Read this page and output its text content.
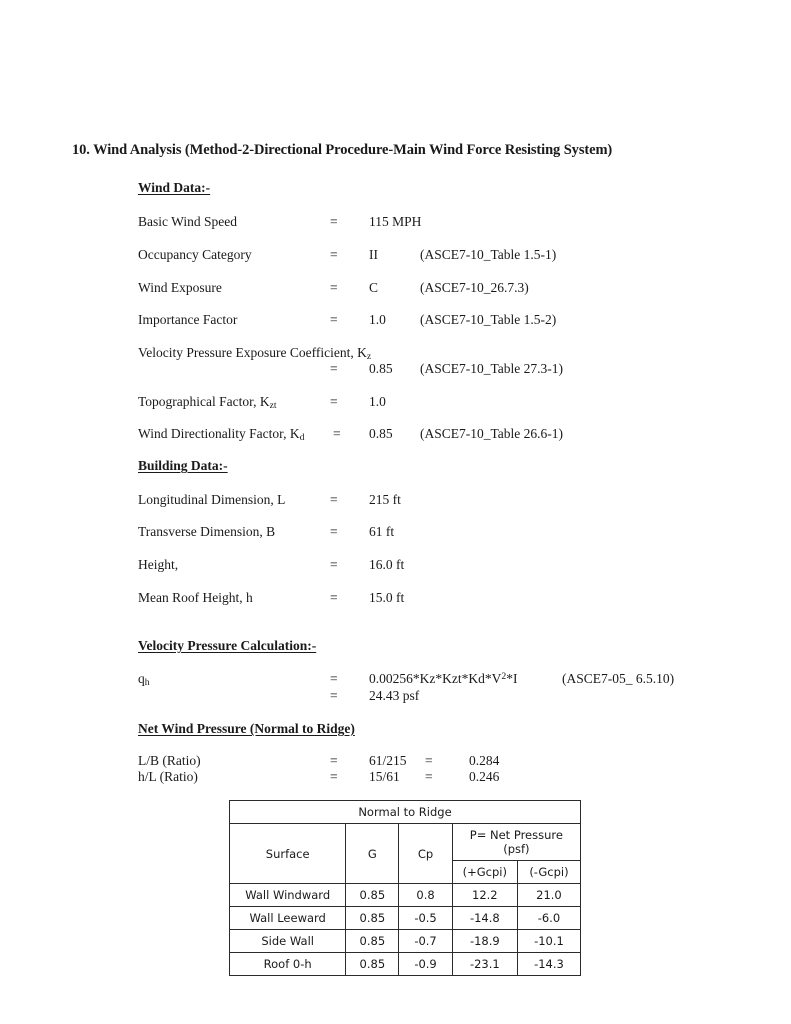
10. Wind Analysis (Method-2-Directional Procedure-Main Wind Force Resisting System)
Wind Data:-
Basic Wind Speed	= 115 MPH
Occupancy Category	= II	(ASCE7-10_Table 1.5-1)
Wind Exposure	= C	(ASCE7-10_26.7.3)
Importance Factor	= 1.0	(ASCE7-10_Table 1.5-2)
Velocity Pressure Exposure Coefficient, $K_z$
= 0.85 (ASCE7-10_Table 27.3-1)
Topographical Factor, $K_{zt}$	= 1.0
Wind Directionality Factor, $K_d = 0.85$ (ASCE7-10_Table 26.6-1)
Building Data:-
Longitudinal Dimension, L	= 215 ft
Transverse Dimension, B	= 61 ft
Height,	= 16.0 ft
Mean Roof Height, h	= 15.0 ft
Velocity Pressure Calculation:-
$q_h$	= $0.00256*Kz*Kzt*Kd*V^2*I$	(ASCE7-05_ 6.5.10)
= 24.43 psf
Net Wind Pressure (Normal to Ridge)
L/B (Ratio)	= 61/215 =	0.284
h/L (Ratio)	= 15/61 =	0.246
Normal to Ridge				
Surface	G	Cp	P= Net Pressure
(psf)	
			(+Gcpi)	(-Gcpi)
Wall Windward	0.85	0.8	12.2	21.0
Wall Leeward	0.85	-0.5	-14.8	-6.0
Side Wall	0.85	-0.7	-18.9	-10.1
Roof 0-h	0.85	-0.9	-23.1	-14.3
